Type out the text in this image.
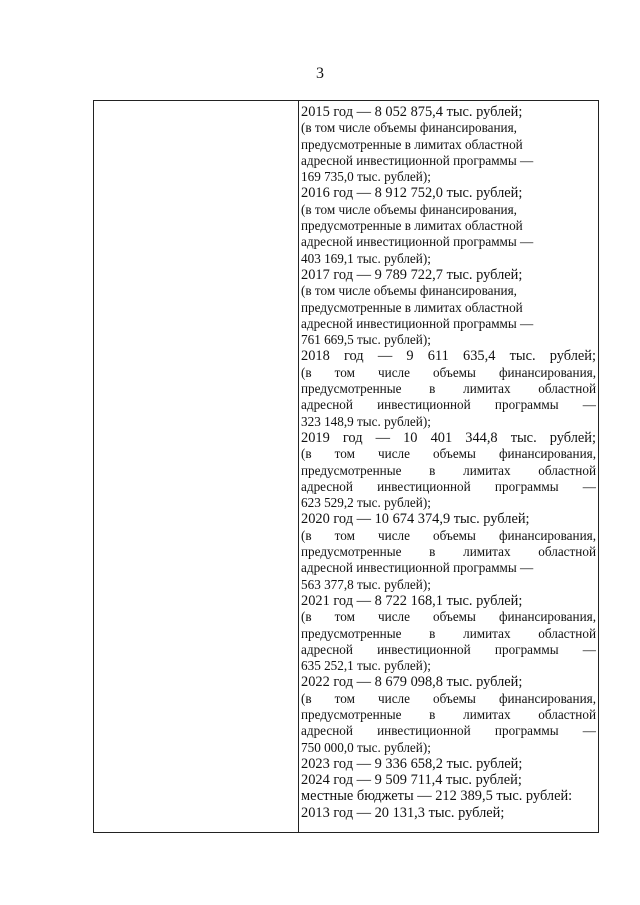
3
2015 год — 8 052 875,4 тыс. рублей;
(в том числе объемы финансирования,
предусмотренные в лимитах областной
адресной инвестиционной программы —
169 735,0 тыс. рублей);
2016 год — 8 912 752,0 тыс. рублей;
(в том числе объемы финансирования,
предусмотренные в лимитах областной
адресной инвестиционной программы —
403 169,1 тыс. рублей);
2017 год — 9 789 722,7 тыс. рублей;
(в том числе объемы финансирования,
предусмотренные в лимитах областной
адресной инвестиционной программы —
761 669,5 тыс. рублей);
2018 год — 9 611 635,4 тыс. рублей;
(в том числе объемы финансирования,
предусмотренные в лимитах областной
адресной инвестиционной программы —
323 148,9 тыс. рублей);
2019 год — 10 401 344,8 тыс. рублей;
(в том числе объемы финансирования,
предусмотренные в лимитах областной
адресной инвестиционной программы —
623 529,2 тыс. рублей);
2020 год — 10 674 374,9 тыс. рублей;
(в том числе объемы финансирования,
предусмотренные в лимитах областной
адресной инвестиционной программы —
563 377,8 тыс. рублей);
2021 год — 8 722 168,1 тыс. рублей;
(в том числе объемы финансирования,
предусмотренные в лимитах областной
адресной инвестиционной программы —
635 252,1 тыс. рублей);
2022 год — 8 679 098,8 тыс. рублей;
(в том числе объемы финансирования,
предусмотренные в лимитах областной
адресной инвестиционной программы —
750 000,0 тыс. рублей);
2023 год — 9 336 658,2 тыс. рублей;
2024 год — 9 509 711,4 тыс. рублей;
местные бюджеты — 212 389,5 тыс. рублей:
2013 год — 20 131,3 тыс. рублей;
